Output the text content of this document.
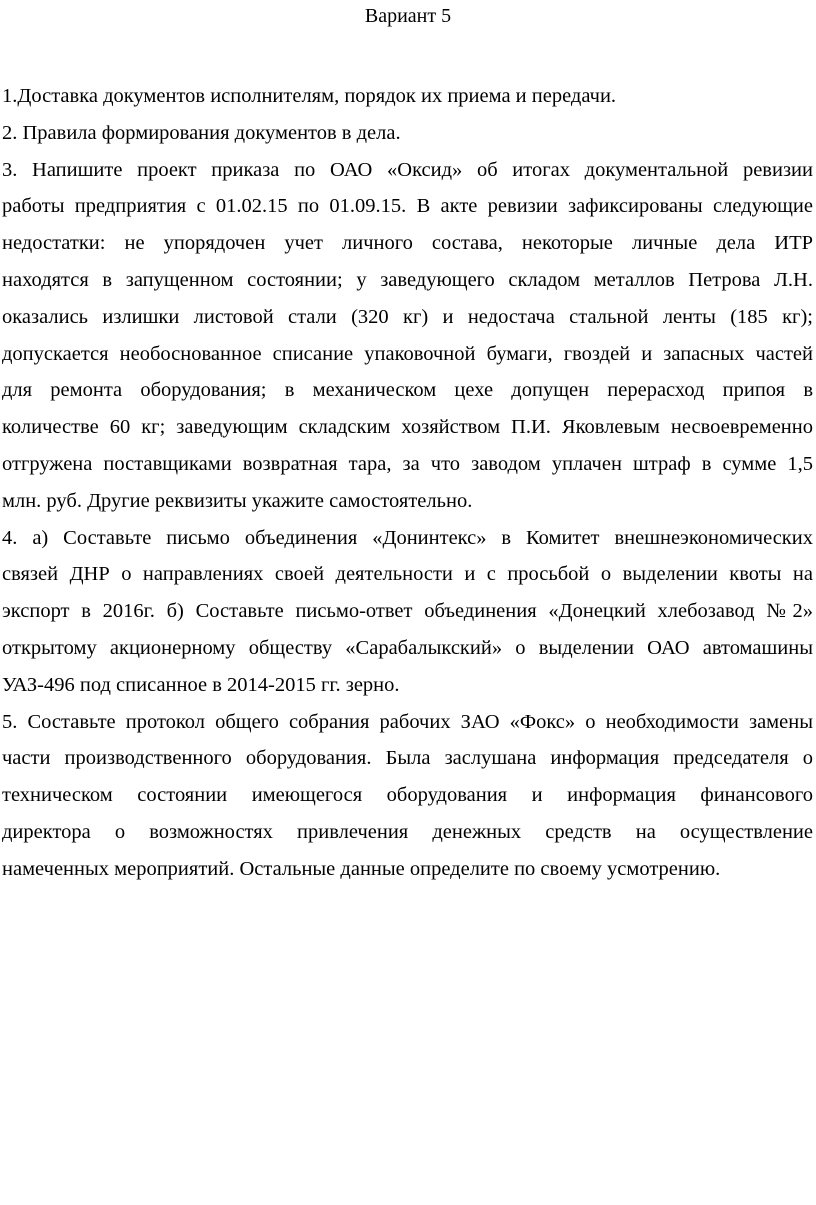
Вариант 5
1.Доставка документов исполнителям, порядок их приема и передачи.
2. Правила формирования документов в дела.
3. Напишите проект приказа по ОАО «Оксид» об итогах документальной ревизии
работы предприятия с 01.02.15 по 01.09.15. В акте ревизии зафиксированы следующие
недостатки: не упорядочен учет личного состава, некоторые личные дела ИТР
находятся в запущенном состоянии; у заведующего складом металлов Петрова Л.Н.
оказались излишки листовой стали (320 кг) и недостача стальной ленты (185 кг);
допускается необоснованное списание упаковочной бумаги, гвоздей и запасных частей
для ремонта оборудования; в механическом цехе допущен перерасход припоя в
количестве 60 кг; заведующим складским хозяйством П.И. Яковлевым несвоевременно
отгружена поставщиками возвратная тара, за что заводом уплачен штраф в сумме 1,5
млн. руб. Другие реквизиты укажите самостоятельно.
4. а) Составьте письмо объединения «Донинтекс» в Комитет внешнеэкономических
связей ДНР о направлениях своей деятельности и с просьбой о выделении квоты на
экспорт в 2016г. б) Составьте письмо-ответ объединения «Донецкий хлебозавод №2»
открытому акционерному обществу «Сарабалыкский» о выделении ОАО автомашины
УАЗ-496 под списанное в 2014-2015 гг. зерно.
5. Составьте протокол общего собрания рабочих ЗАО «Фокс» о необходимости замены
части производственного оборудования. Была заслушана информация председателя о
техническом состоянии имеющегося оборудования и информация финансового
директора о возможностях привлечения денежных средств на осуществление
намеченных мероприятий. Остальные данные определите по своему усмотрению.
